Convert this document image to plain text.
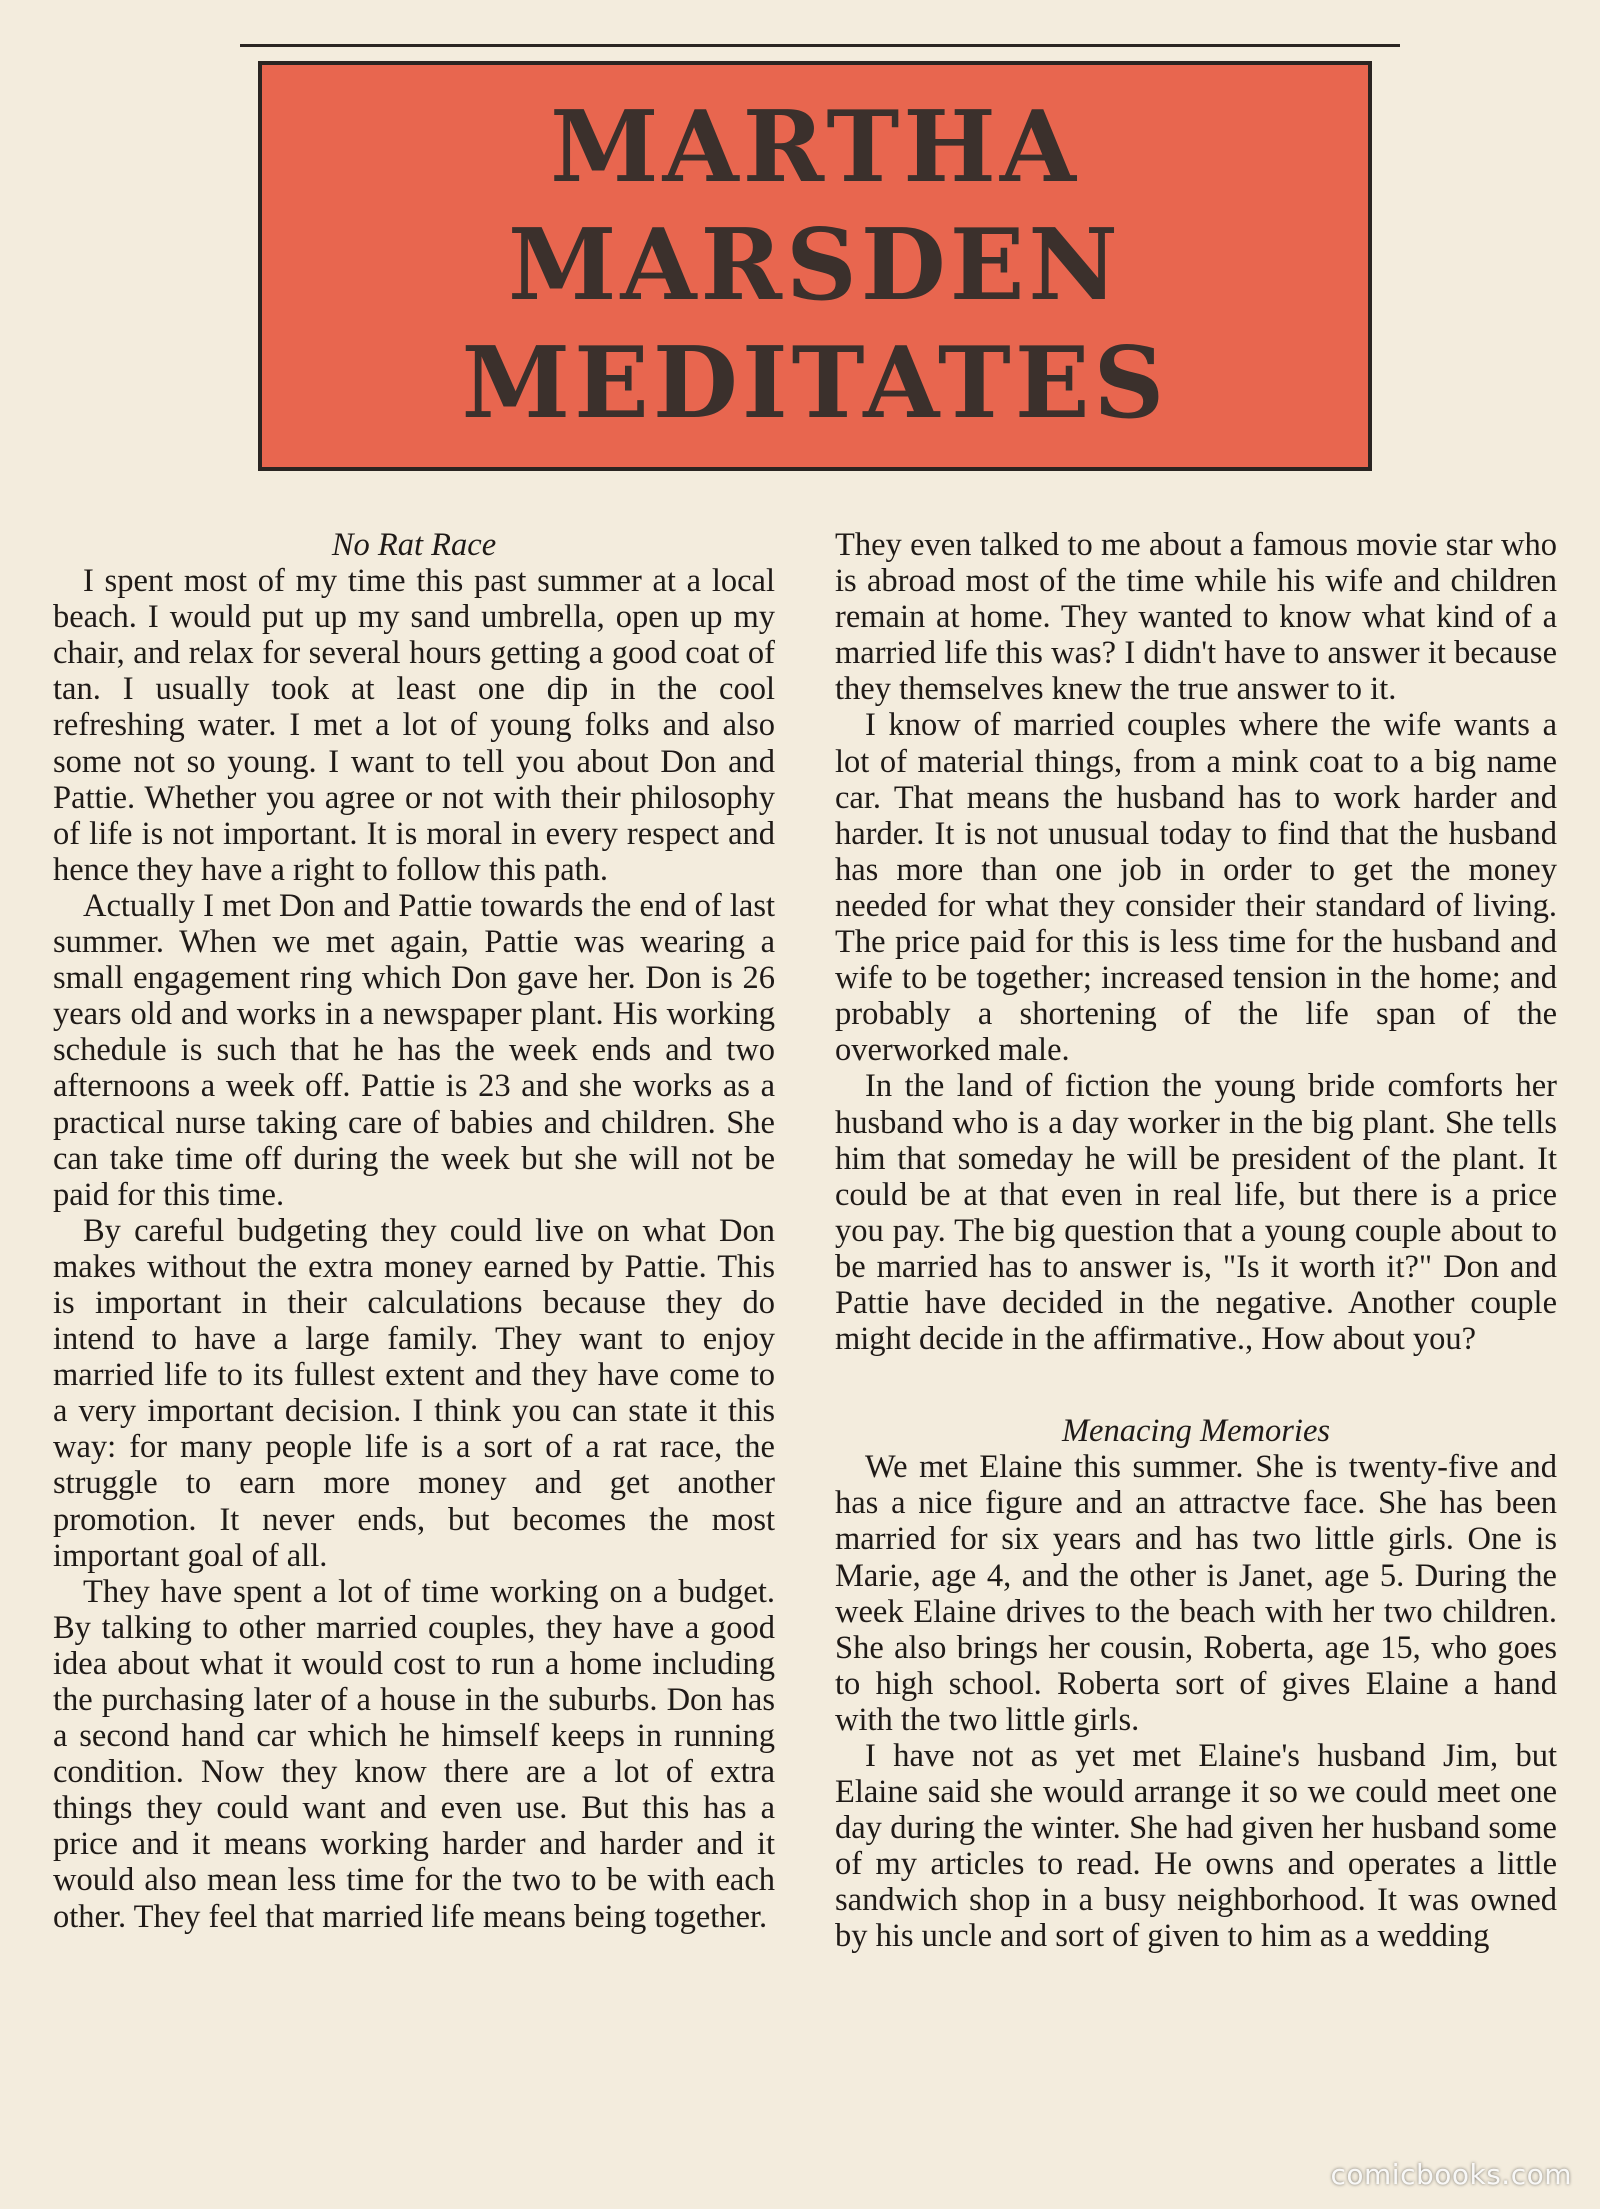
MARTHA
MARSDEN
MEDITATES
No Rat Race

I spent most of my time this past summer at a local beach. I would put up my sand umbrella, open up my chair, and relax for several hours getting a good coat of tan. I usually took at least one dip in the cool refreshing water. I met a lot of young folks and also some not so young. I want to tell you about Don and Pattie. Whether you agree or not with their philosophy of life is not important. It is moral in every respect and hence they have a right to follow this path.

Actually I met Don and Pattie towards the end of last summer. When we met again, Pattie was wearing a small engagement ring which Don gave her. Don is 26 years old and works in a newspaper plant. His working schedule is such that he has the week ends and two afternoons a week off. Pattie is 23 and she works as a practical nurse taking care of babies and children. She can take time off during the week but she will not be paid for this time.

By careful budgeting they could live on what Don makes without the extra money earned by Pattie. This is important in their calculations because they do intend to have a large family. They want to enjoy married life to its fullest extent and they have come to a very important decision. I think you can state it this way: for many people life is a sort of a rat race, the struggle to earn more money and get another promotion. It never ends, but becomes the most important goal of all.

They have spent a lot of time working on a budget. By talking to other married couples, they have a good idea about what it would cost to run a home including the purchasing later of a house in the suburbs. Don has a second hand car which he himself keeps in running condition. Now they know there are a lot of extra things they could want and even use. But this has a price and it means working harder and harder and it would also mean less time for the two to be with each other. They feel that married life means being together.

They even talked to me about a famous movie star who is abroad most of the time while his wife and children remain at home. They wanted to know what kind of a married life this was? I didn't have to answer it because they themselves knew the true answer to it.

I know of married couples where the wife wants a lot of material things, from a mink coat to a big name car. That means the husband has to work harder and harder. It is not unusual today to find that the husband has more than one job in order to get the money needed for what they consider their standard of living. The price paid for this is less time for the husband and wife to be together; increased tension in the home; and probably a shortening of the life span of the overworked male.

In the land of fiction the young bride comforts her husband who is a day worker in the big plant. She tells him that someday he will be president of the plant. It could be at that even in real life, but there is a price you pay. The big question that a young couple about to be married has to answer is, "Is it worth it?" Don and Pattie have decided in the negative. Another couple might decide in the affirmative., How about you?

Menacing Memories

We met Elaine this summer. She is twenty-five and has a nice figure and an attractve face. She has been married for six years and has two little girls. One is Marie, age 4, and the other is Janet, age 5. During the week Elaine drives to the beach with her two children. She also brings her cousin, Roberta, age 15, who goes to high school. Roberta sort of gives Elaine a hand with the two little girls.

I have not as yet met Elaine's husband Jim, but Elaine said she would arrange it so we could meet one day during the winter. She had given her husband some of my articles to read. He owns and operates a little sandwich shop in a busy neighborhood. It was owned by his uncle and sort of given to him as a wedding

comicbooks.com
